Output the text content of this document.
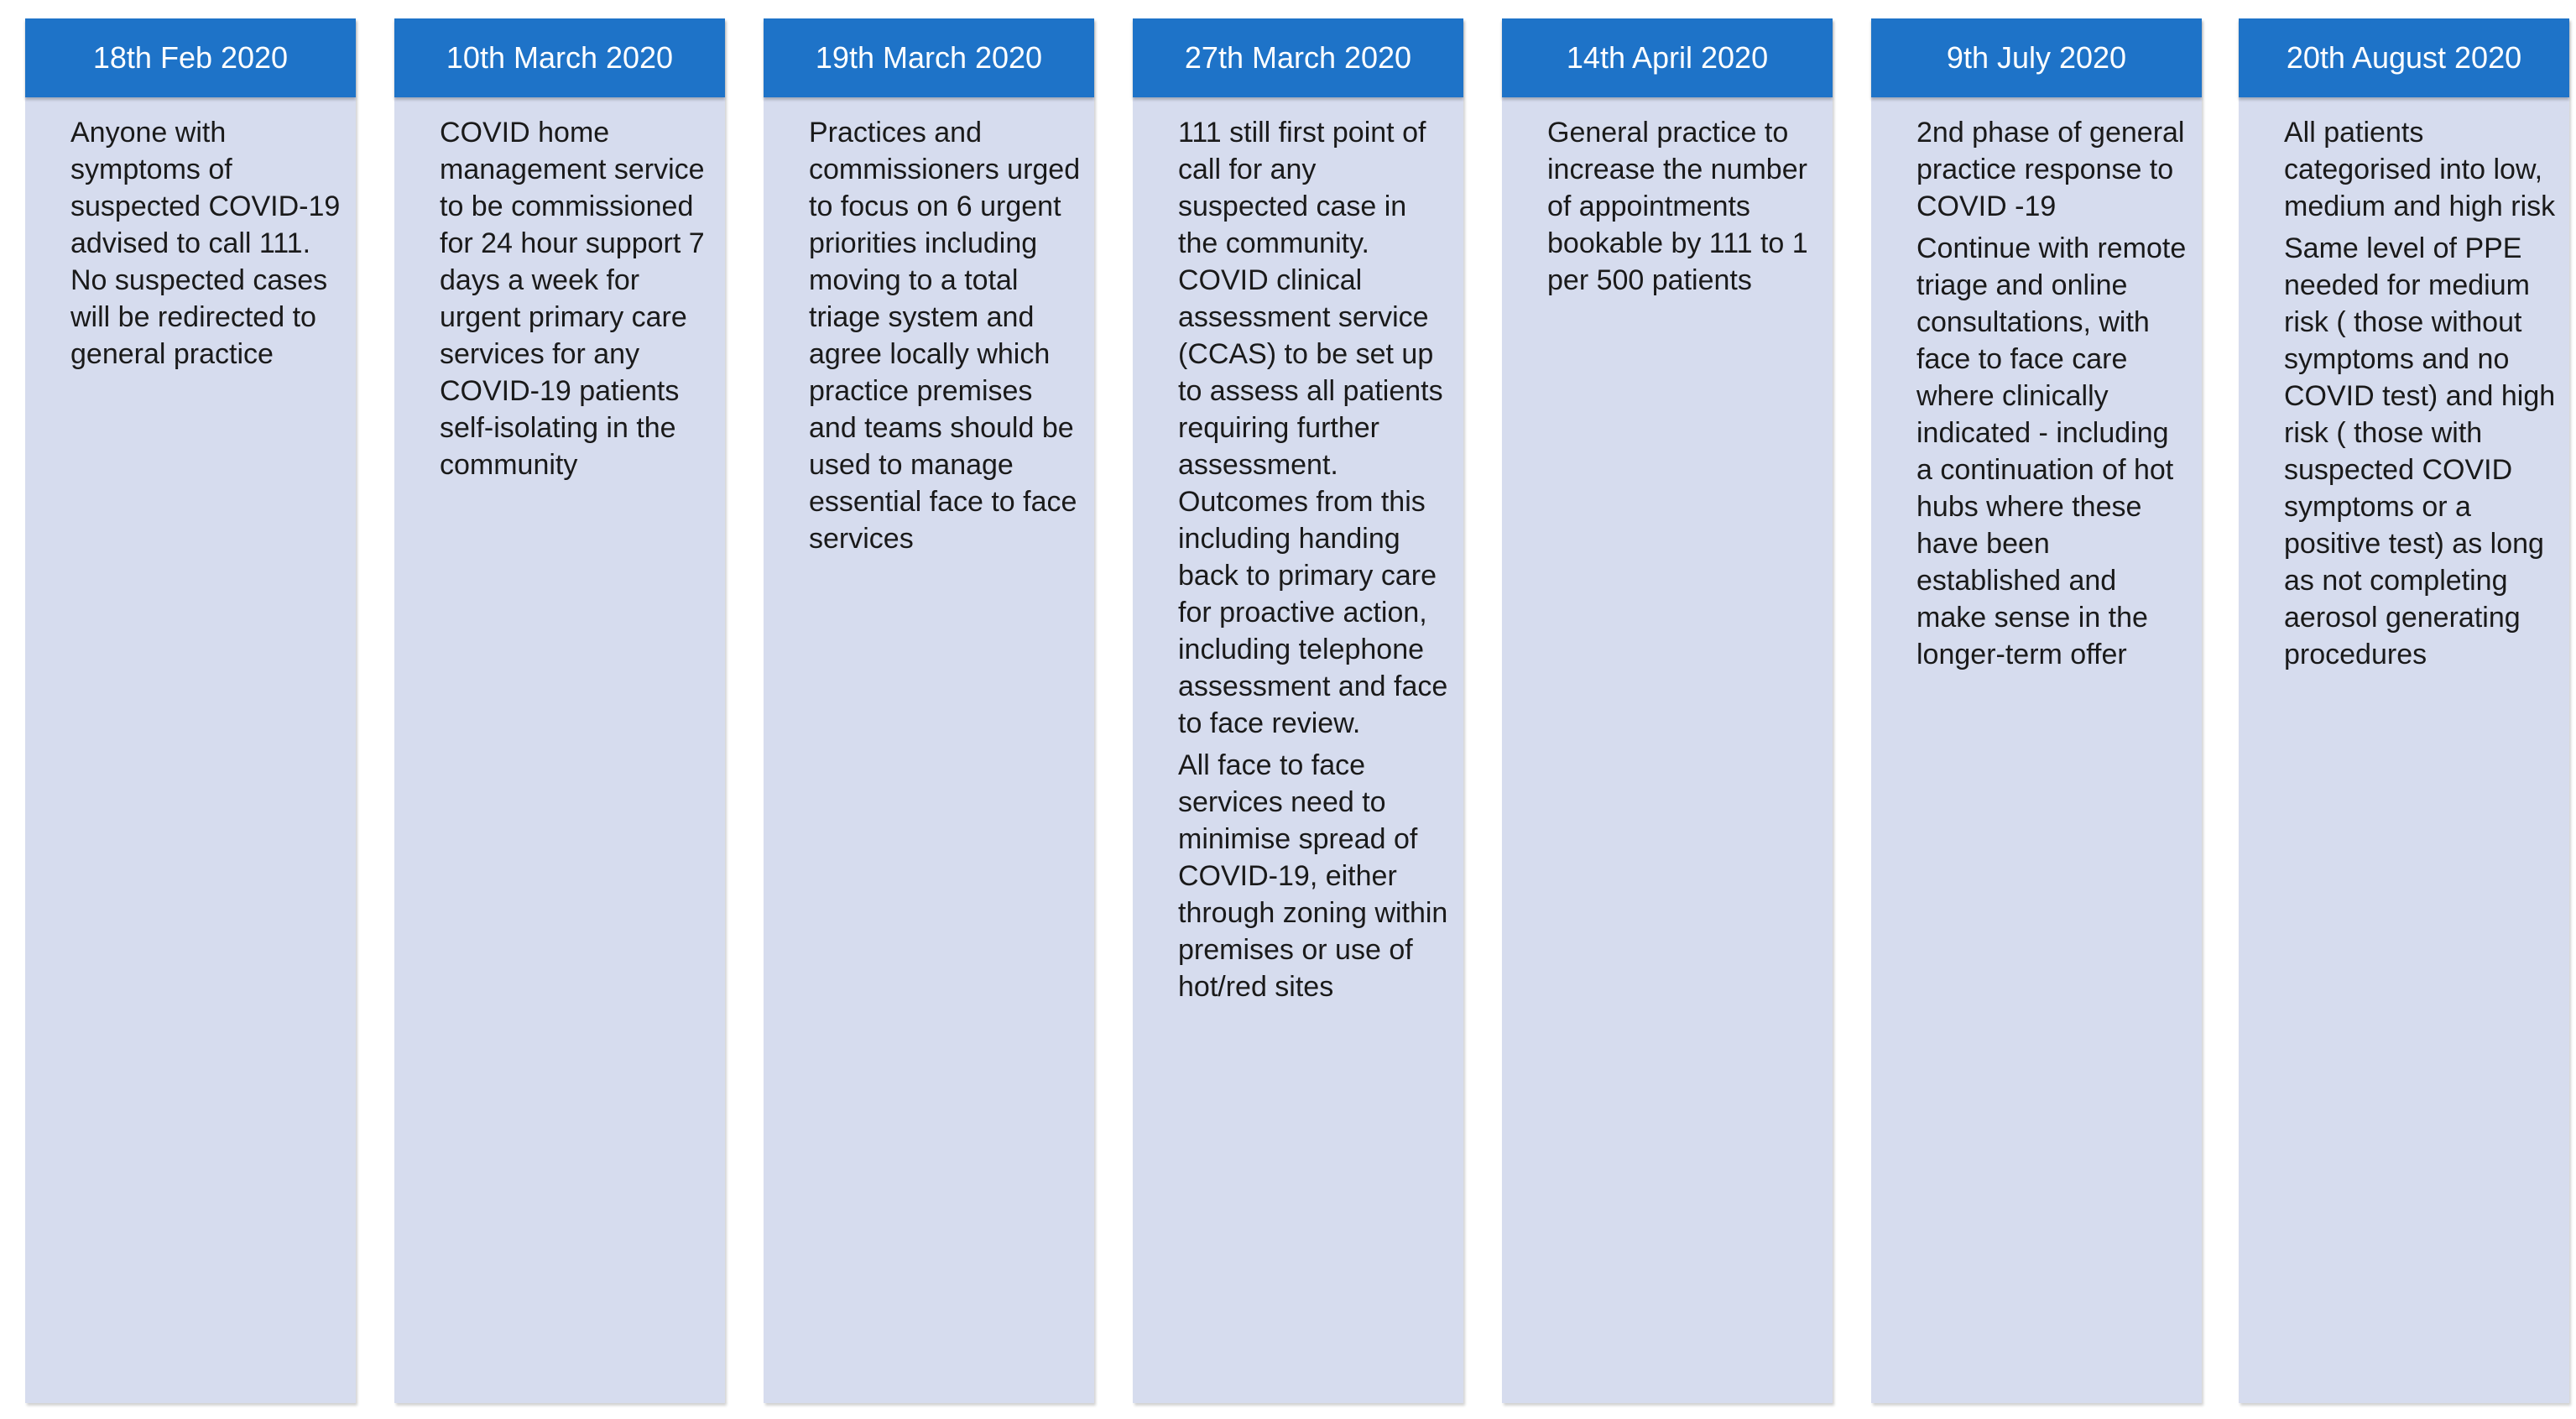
18th Feb 2020

Anyone with symptoms of suspected COVID-19 advised to call 111. No suspected cases will be redirected to general practice

10th March 2020

COVID home management service to be commissioned for 24 hour support 7 days a week for urgent primary care services for any COVID-19 patients self-isolating in the community

19th March 2020

Practices and commissioners urged to focus on 6 urgent priorities including moving to a total triage system and agree locally which practice premises and teams should be used to manage essential face to face services

27th March 2020

111 still first point of call for any suspected case in the community. COVID clinical assessment service (CCAS) to be set up to assess all patients requiring further assessment. Outcomes from this including handing back to primary care for proactive action, including telephone assessment and face to face review.

All face to face services need to minimise spread of COVID-19, either through zoning within premises or use of hot/red sites

14th April 2020

General practice to increase the number of appointments bookable by 111 to 1 per 500 patients

9th July 2020

2nd phase of general practice response to COVID -19

Continue with remote triage and online consultations, with face to face care where clinically indicated - including a continuation of hot hubs where these have been established and make sense in the longer-term offer

20th August 2020

All patients categorised into low, medium and high risk

Same level of PPE needed for medium risk ( those without symptoms and no COVID test) and high risk ( those with suspected COVID symptoms or a positive test) as long as not completing aerosol generating procedures
